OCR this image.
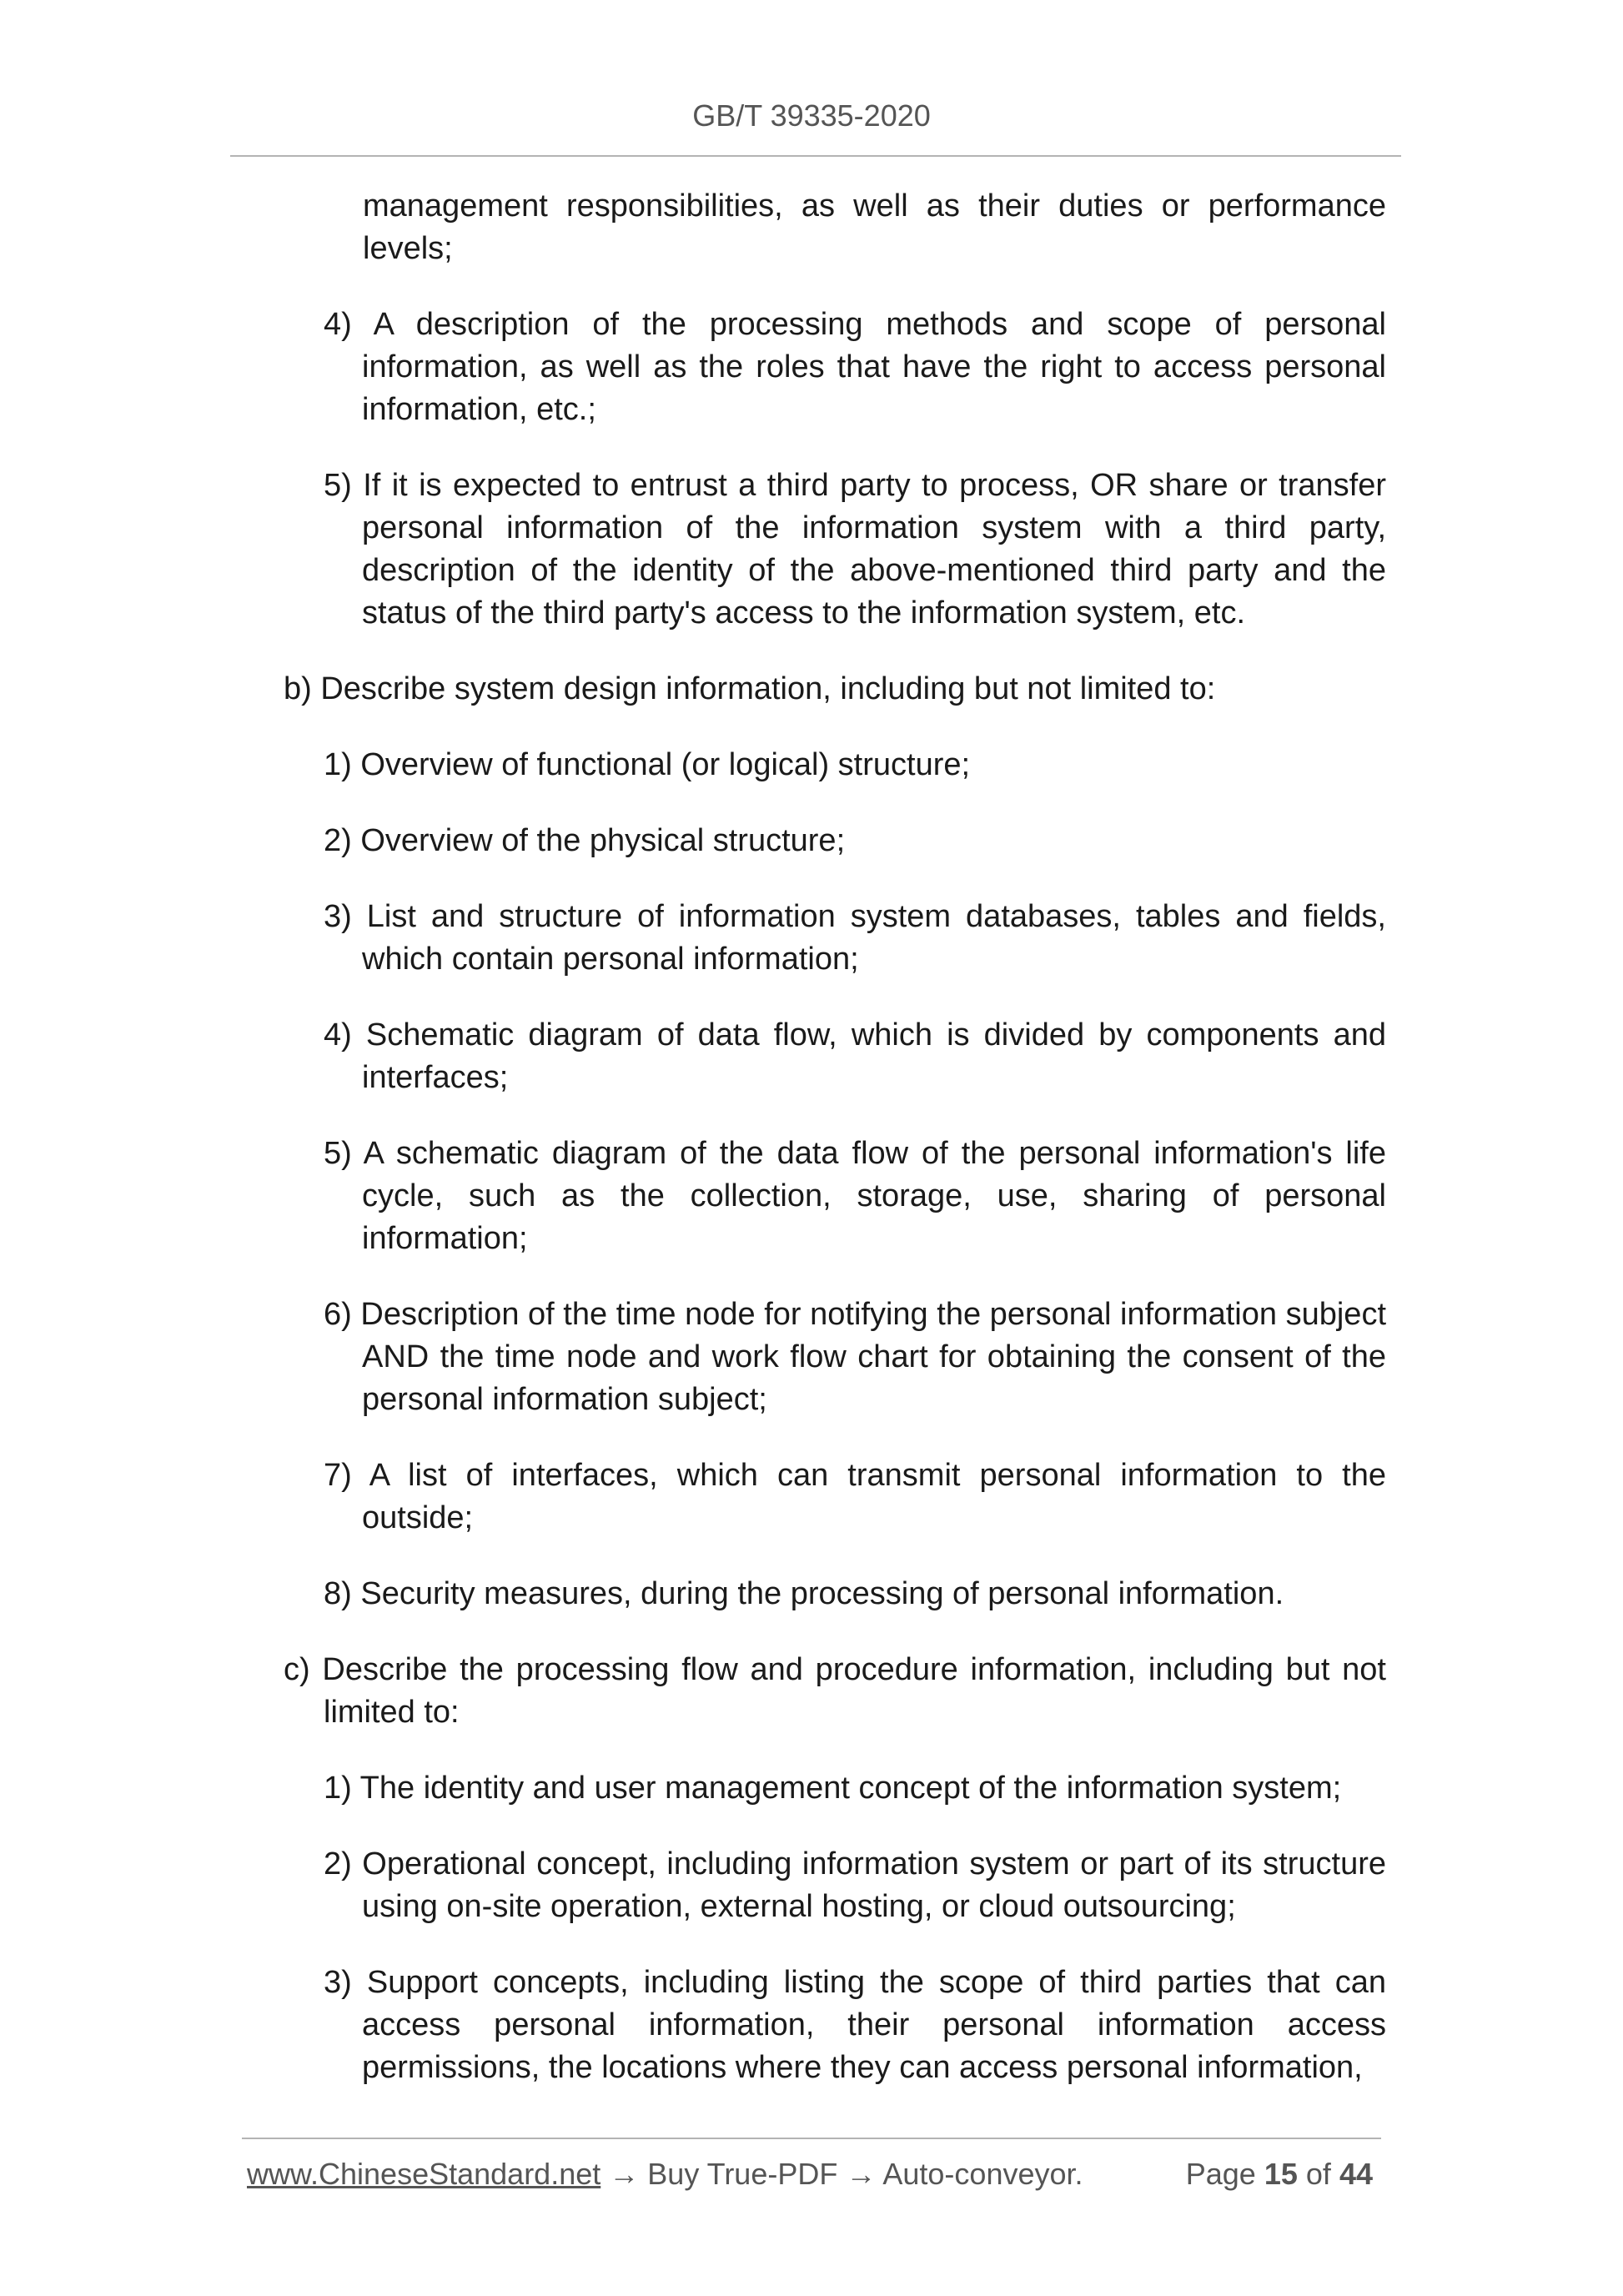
GB/T 39335-2020

management responsibilities, as well as their duties or performance levels;

4) A description of the processing methods and scope of personal information, as well as the roles that have the right to access personal information, etc.;

5) If it is expected to entrust a third party to process, OR share or transfer personal information of the information system with a third party, description of the identity of the above-mentioned third party and the status of the third party's access to the information system, etc.

b) Describe system design information, including but not limited to:

1) Overview of functional (or logical) structure;

2) Overview of the physical structure;

3) List and structure of information system databases, tables and fields, which contain personal information;

4) Schematic diagram of data flow, which is divided by components and interfaces;

5) A schematic diagram of the data flow of the personal information's life cycle, such as the collection, storage, use, sharing of personal information;

6) Description of the time node for notifying the personal information subject AND the time node and work flow chart for obtaining the consent of the personal information subject;

7) A list of interfaces, which can transmit personal information to the outside;

8) Security measures, during the processing of personal information.

c) Describe the processing flow and procedure information, including but not limited to:

1) The identity and user management concept of the information system;

2) Operational concept, including information system or part of its structure using on-site operation, external hosting, or cloud outsourcing;

3) Support concepts, including listing the scope of third parties that can access personal information, their personal information access permissions, the locations where they can access personal information,

www.ChineseStandard.net → Buy True-PDF → Auto-conveyor.	Page 15 of 44
